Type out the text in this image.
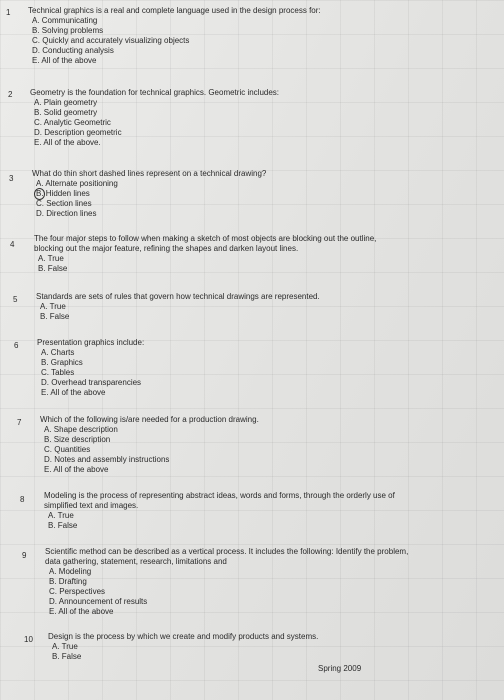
1 Technical graphics is a real and complete language used in the design process for:
A. Communicating
B. Solving problems
C. Quickly and accurately visualizing objects
D. Conducting analysis
E. All of the above
2 Geometry is the foundation for technical graphics. Geometric includes:
A. Plain geometry
B. Solid geometry
C. Analytic Geometric
D. Description geometric
E. All of the above.
3
What do thin short dashed lines represent on a technical drawing?
A. Alternate positioning
B. Hidden lines
C. Section lines
D. Direction lines
4
The four major steps to follow when making a sketch of most objects are blocking out the outline, blocking out the major feature, refining the shapes and darken layout lines.
A. True
B. False
5 Standards are sets of rules that govern how technical drawings are represented.
A. True
B. False
6 Presentation graphics include:
A. Charts
B. Graphics
C. Tables
D. Overhead transparencies
E. All of the above
7 Which of the following is/are needed for a production drawing.
A. Shape description
B. Size description
C. Quantities
D. Notes and assembly instructions
E. All of the above
8 Modeling is the process of representing abstract ideas, words and forms, through the orderly use of simplified text and images.
A. True
B. False
9 Scientific method can be described as a vertical process. It includes the following: Identify the problem, data gathering, statement, research, limitations and
A. Modeling
B. Drafting
C. Perspectives
D. Announcement of results
E. All of the above
10 Design is the process by which we create and modify products and systems.
A. True
B. False
Spring 2009
